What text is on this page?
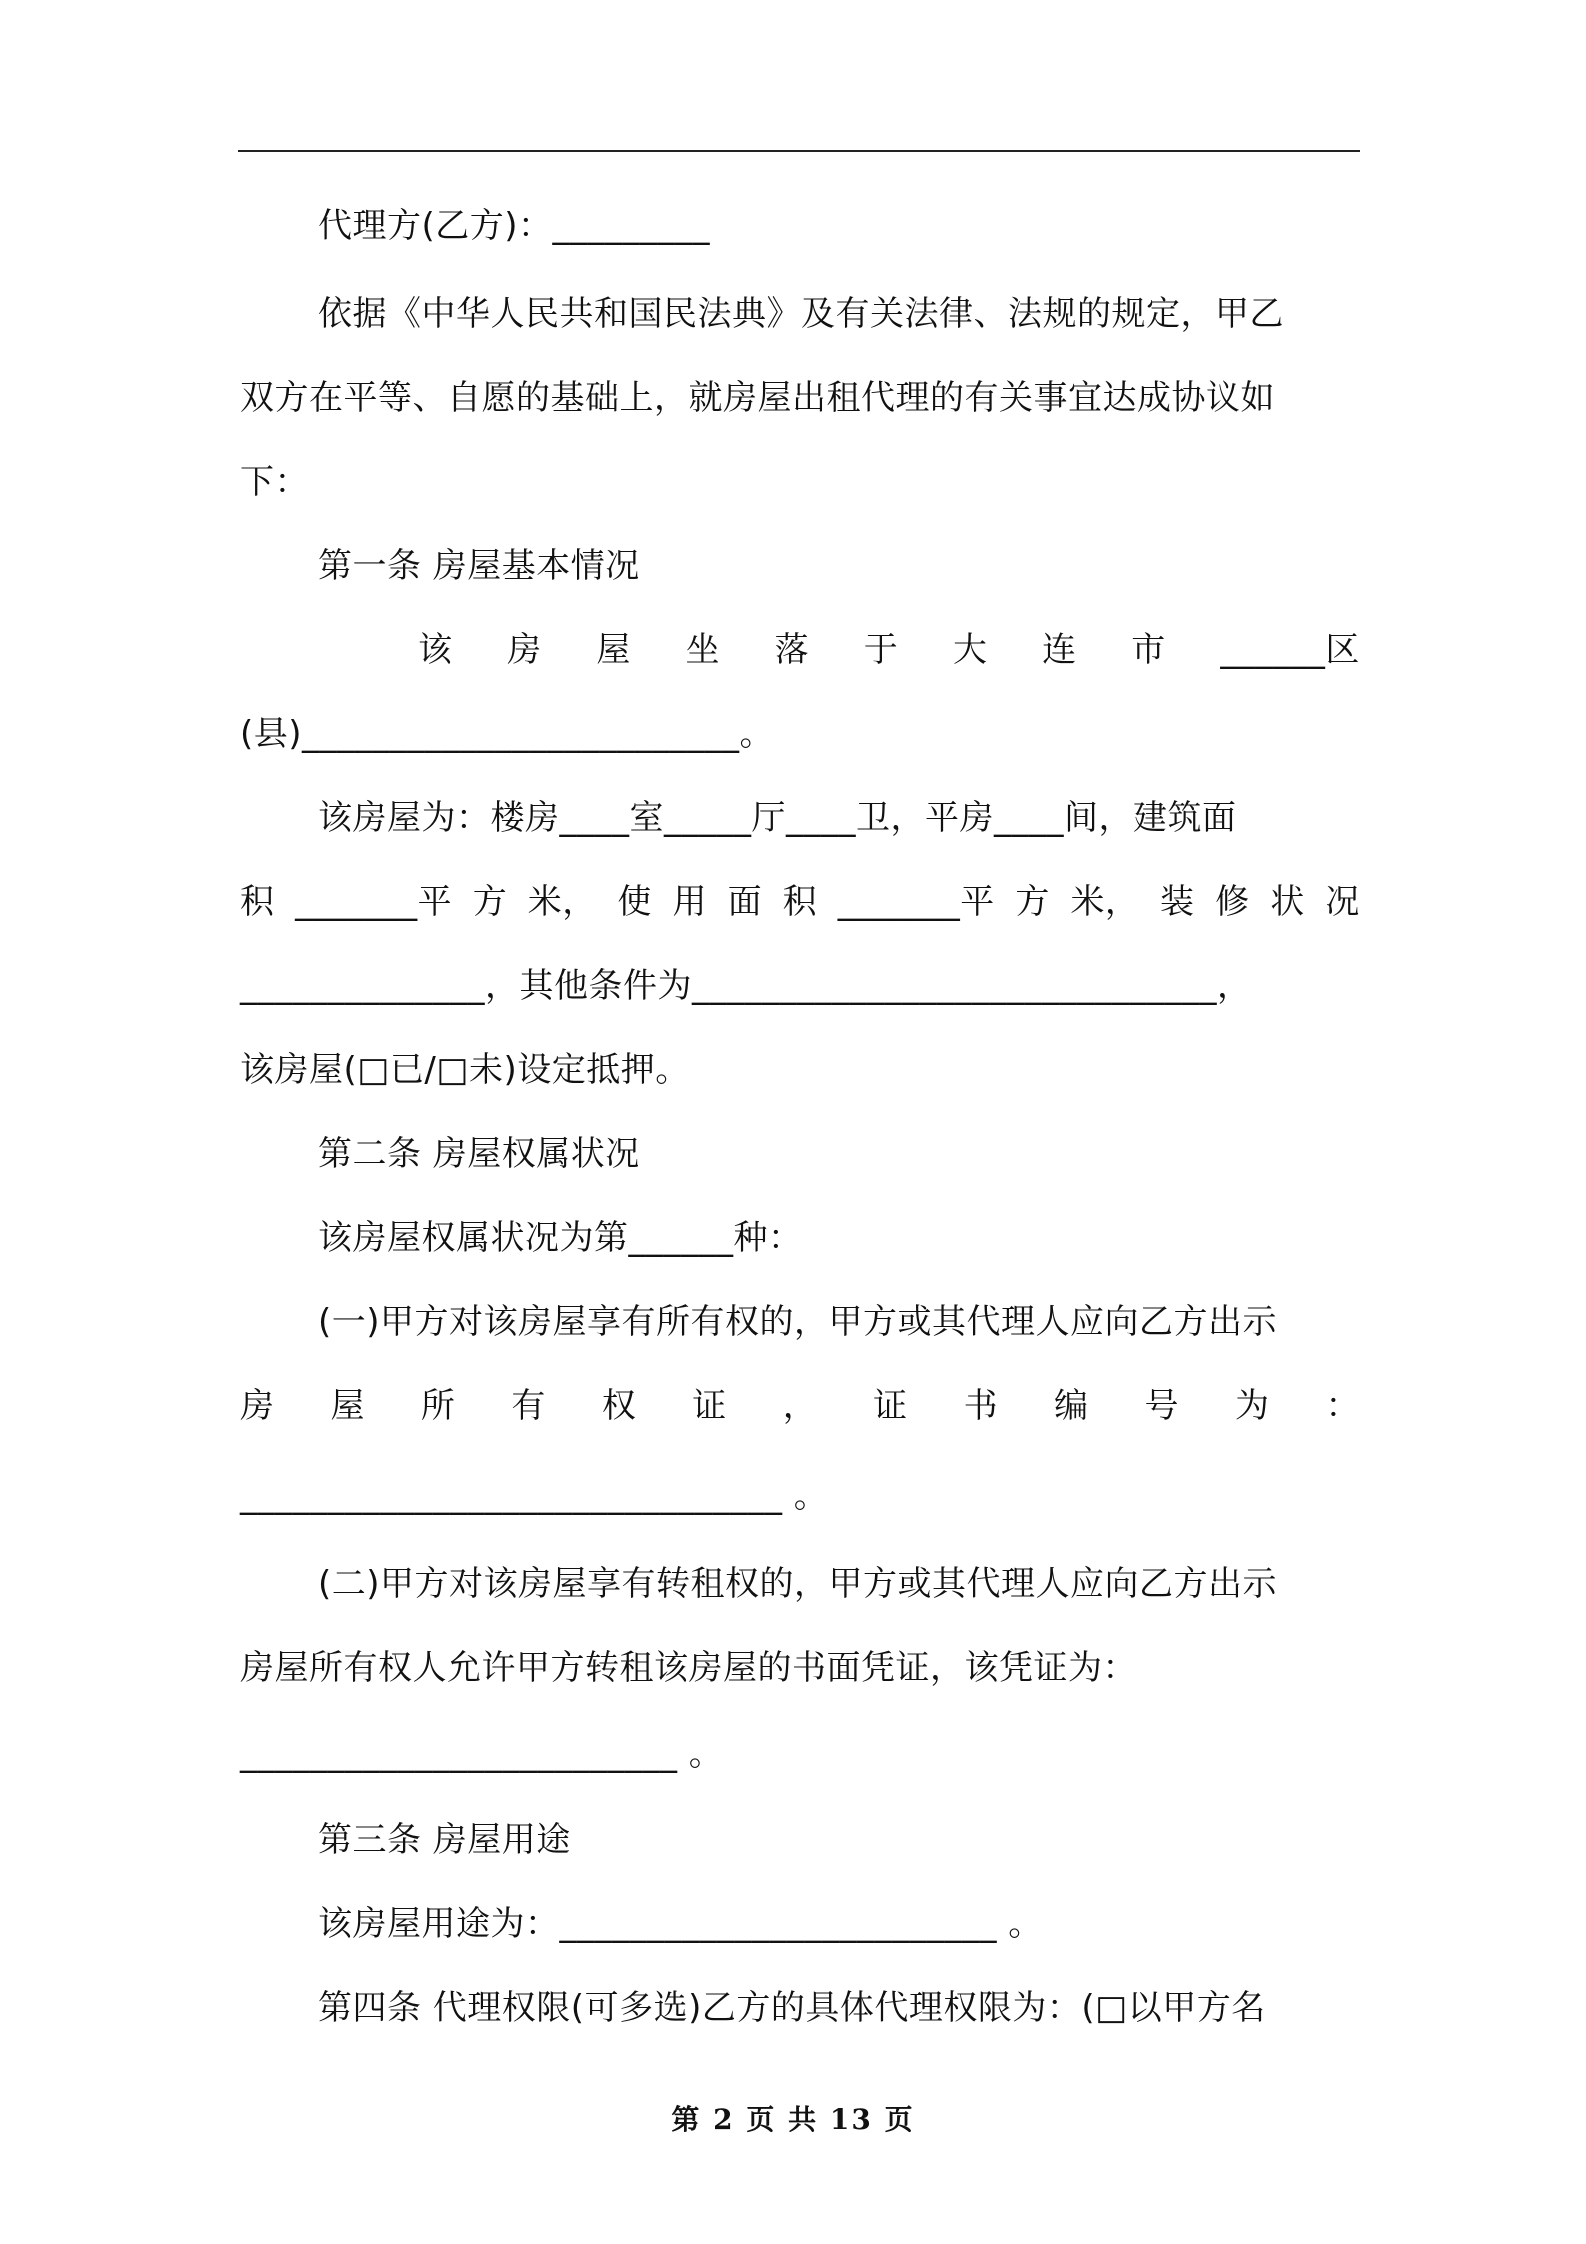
代理方(乙方)：_________
依据《中华人民共和国民法典》及有关法律、法规的规定，甲乙
双方在平等、自愿的基础上，就房屋出租代理的有关事宜达成协议如
下：
第一条 房屋基本情况
该 房 屋 坐 落 于 大 连 市 ______区
(县)_________________________。
该房屋为：楼房____室_____厅____卫，平房____间，建筑面
积 _______平 方 米， 使 用 面 积 _______平 方 米， 装 修 状 况
______________，其他条件为______________________________，
该房屋(□已/□未)设定抵押。
第二条 房屋权属状况
该房屋权属状况为第______种：
(一)甲方对该房屋享有所有权的，甲方或其代理人应向乙方出示
房 屋 所 有 权 证 ， 证 书 编 号 为 ：
_______________________________ 。
(二)甲方对该房屋享有转租权的，甲方或其代理人应向乙方出示
房屋所有权人允许甲方转租该房屋的书面凭证，该凭证为：
_________________________ 。
第三条 房屋用途
该房屋用途为：_________________________ 。
第四条 代理权限(可多选)乙方的具体代理权限为：(□以甲方名
第 2 页 共 13 页
